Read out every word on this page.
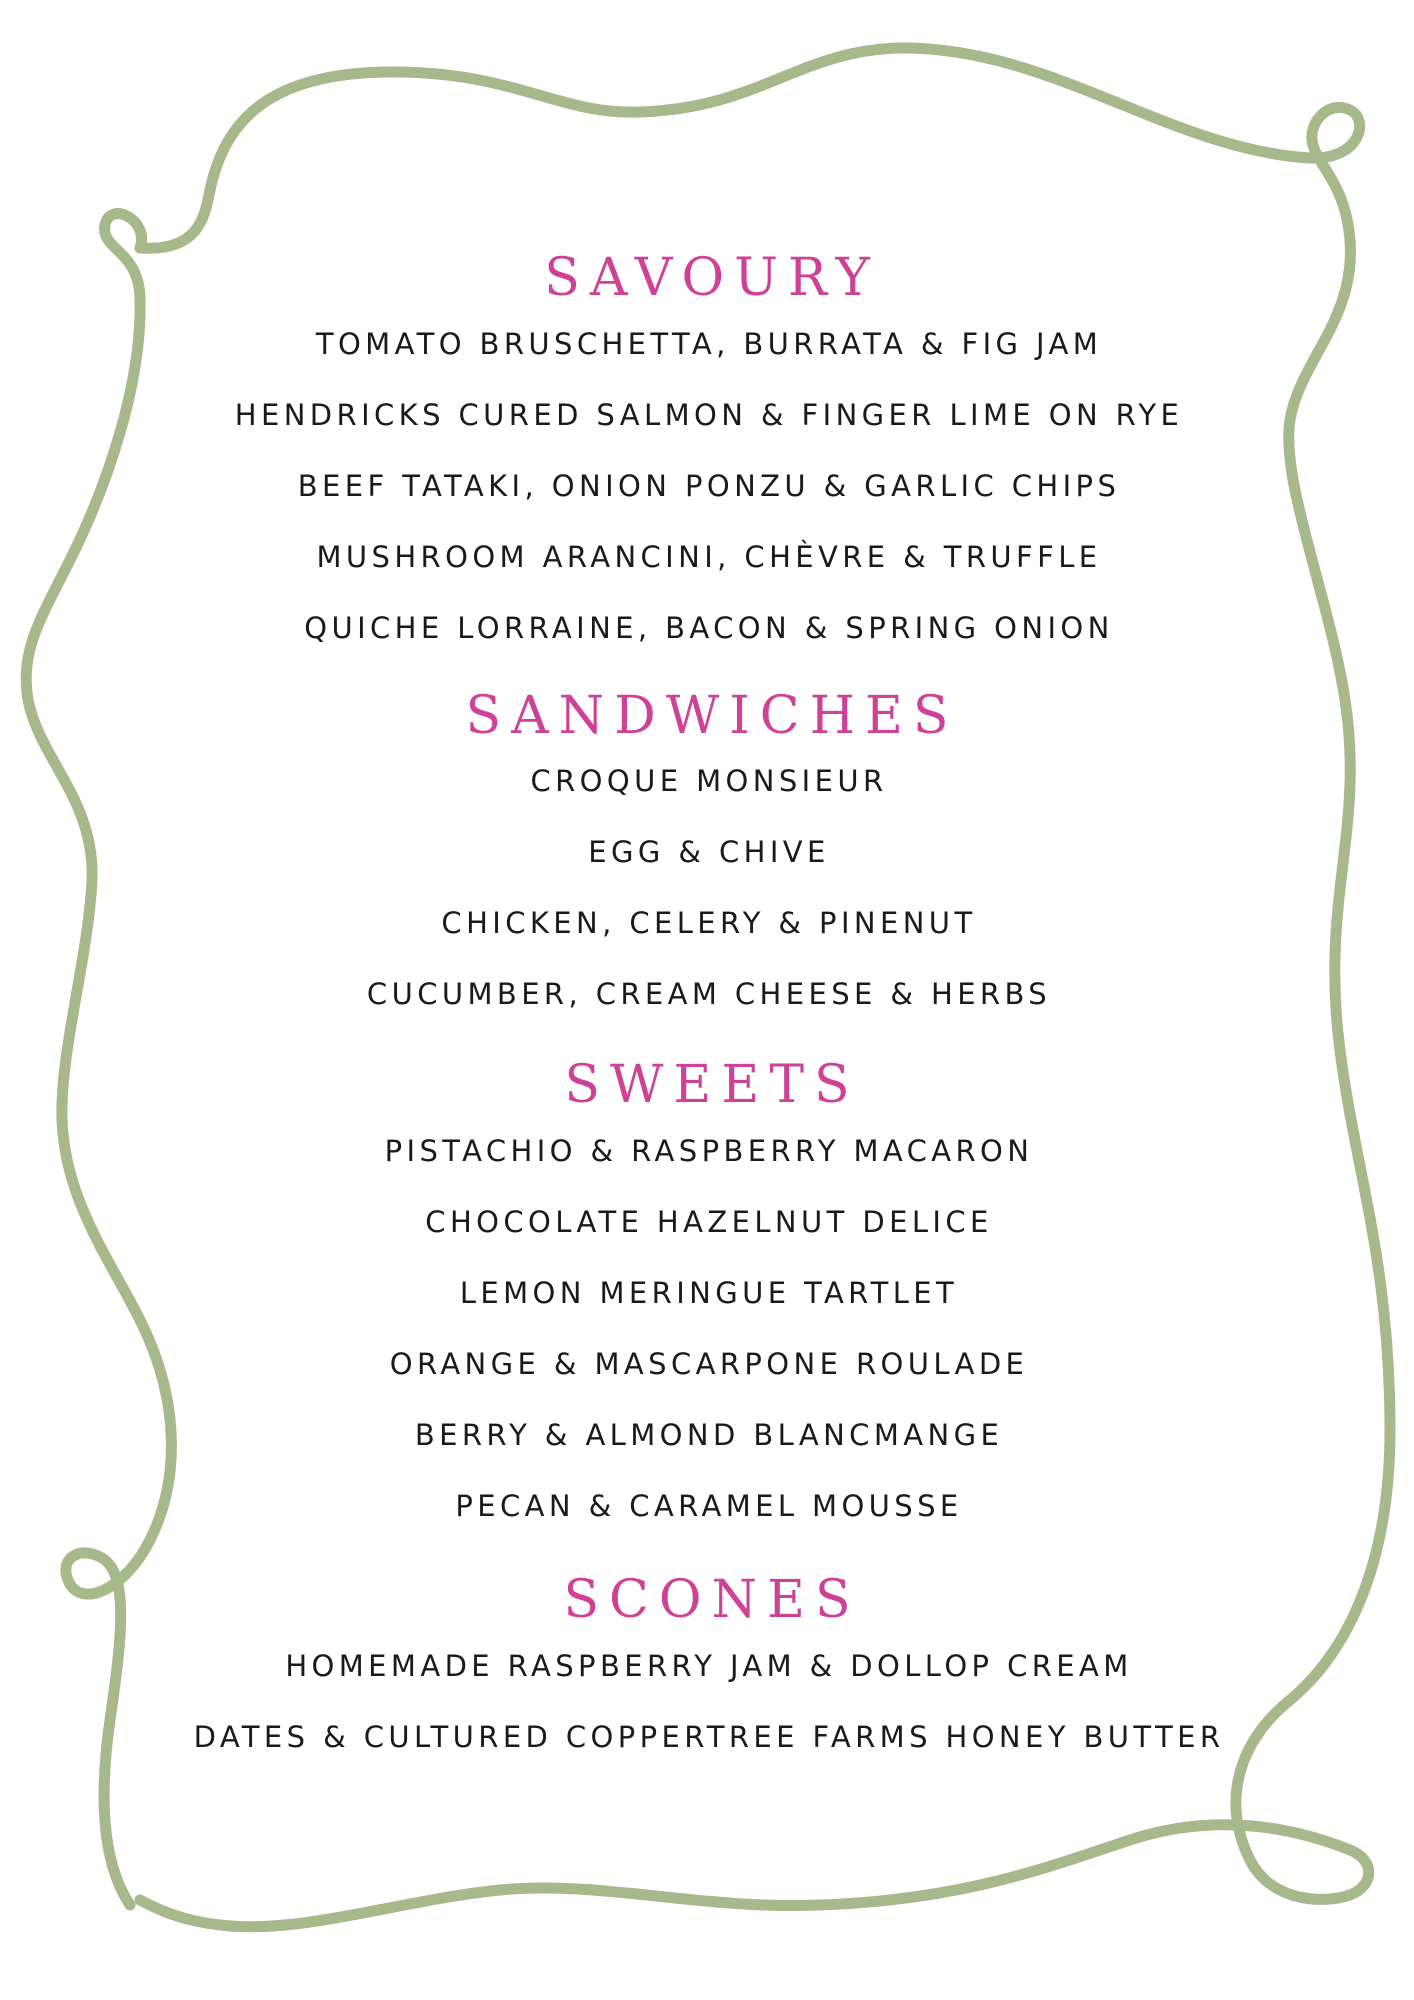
SAVOURY
TOMATO BRUSCHETTA, BURRATA & FIG JAM
HENDRICKS CURED SALMON & FINGER LIME ON RYE
BEEF TATAKI, ONION PONZU & GARLIC CHIPS
MUSHROOM ARANCINI, CHÈVRE & TRUFFLE
QUICHE LORRAINE, BACON & SPRING ONION
SANDWICHES
CROQUE MONSIEUR
EGG & CHIVE
CHICKEN, CELERY & PINENUT
CUCUMBER, CREAM CHEESE & HERBS
SWEETS
PISTACHIO & RASPBERRY MACARON
CHOCOLATE HAZELNUT DELICE
LEMON MERINGUE TARTLET
ORANGE & MASCARPONE ROULADE
BERRY & ALMOND BLANCMANGE
PECAN & CARAMEL MOUSSE
SCONES
HOMEMADE RASPBERRY JAM & DOLLOP CREAM
DATES & CULTURED COPPERTREE FARMS HONEY BUTTER
